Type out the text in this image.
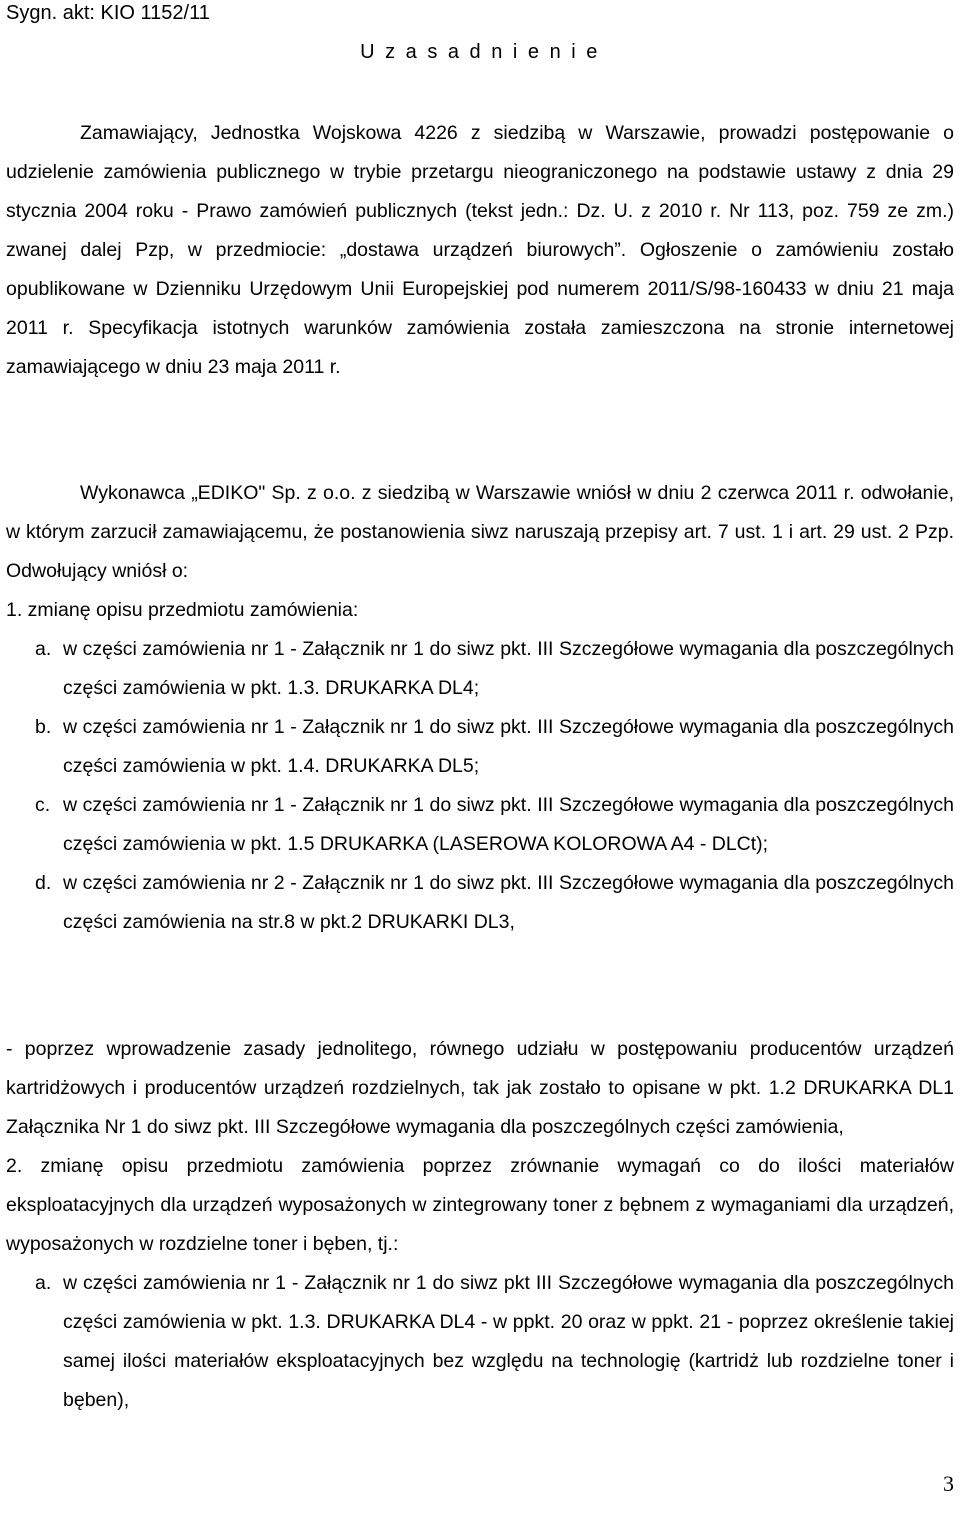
Sygn. akt: KIO 1152/11
U z a s a d n i e n i e
Zamawiający, Jednostka Wojskowa 4226 z siedzibą w Warszawie, prowadzi postępowanie o udzielenie zamówienia publicznego w trybie przetargu nieograniczonego na podstawie ustawy z dnia 29 stycznia 2004 roku - Prawo zamówień publicznych (tekst jedn.: Dz. U. z 2010 r. Nr 113, poz. 759 ze zm.) zwanej dalej Pzp, w przedmiocie: „dostawa urządzeń biurowych”. Ogłoszenie o zamówieniu zostało opublikowane w Dzienniku Urzędowym Unii Europejskiej pod numerem 2011/S/98-160433 w dniu 21 maja 2011 r. Specyfikacja istotnych warunków zamówienia została zamieszczona na stronie internetowej zamawiającego w dniu 23 maja 2011 r.
Wykonawca „EDIKO" Sp. z o.o. z siedzibą w Warszawie wniósł w dniu 2 czerwca 2011 r. odwołanie, w którym zarzucił zamawiającemu, że postanowienia siwz naruszają przepisy art. 7 ust. 1 i art. 29 ust. 2 Pzp. Odwołujący wniósł o:
1. zmianę opisu przedmiotu zamówienia:
a. w części zamówienia nr 1 - Załącznik nr 1 do siwz pkt. III Szczegółowe wymagania dla poszczególnych części zamówienia w pkt. 1.3. DRUKARKA DL4;
b. w części zamówienia nr 1 - Załącznik nr 1 do siwz pkt. III Szczegółowe wymagania dla poszczególnych części zamówienia w pkt. 1.4. DRUKARKA DL5;
c. w części zamówienia nr 1 - Załącznik nr 1 do siwz pkt. III Szczegółowe wymagania dla poszczególnych części zamówienia w pkt. 1.5 DRUKARKA (LASEROWA KOLOROWA A4 - DLCt);
d. w części zamówienia nr 2 - Załącznik nr 1 do siwz pkt. III Szczegółowe wymagania dla poszczególnych części zamówienia na str.8 w pkt.2 DRUKARKI DL3,
- poprzez wprowadzenie zasady jednolitego, równego udziału w postępowaniu producentów urządzeń kartridżowych i producentów urządzeń rozdzielnych, tak jak zostało to opisane w pkt. 1.2 DRUKARKA DL1 Załącznika Nr 1 do siwz pkt. III Szczegółowe wymagania dla poszczególnych części zamówienia,
2. zmianę opisu przedmiotu zamówienia poprzez zrównanie wymagań co do ilości materiałów eksploatacyjnych dla urządzeń wyposażonych w zintegrowany toner z bębnem z wymaganiami dla urządzeń, wyposażonych w rozdzielne toner i bęben, tj.:
a. w części zamówienia nr 1 - Załącznik nr 1 do siwz pkt III Szczegółowe wymagania dla poszczególnych części zamówienia w pkt. 1.3. DRUKARKA DL4 - w ppkt. 20 oraz w ppkt. 21 - poprzez określenie takiej samej ilości materiałów eksploatacyjnych bez względu na technologię (kartridż lub rozdzielne toner i bęben),
3
